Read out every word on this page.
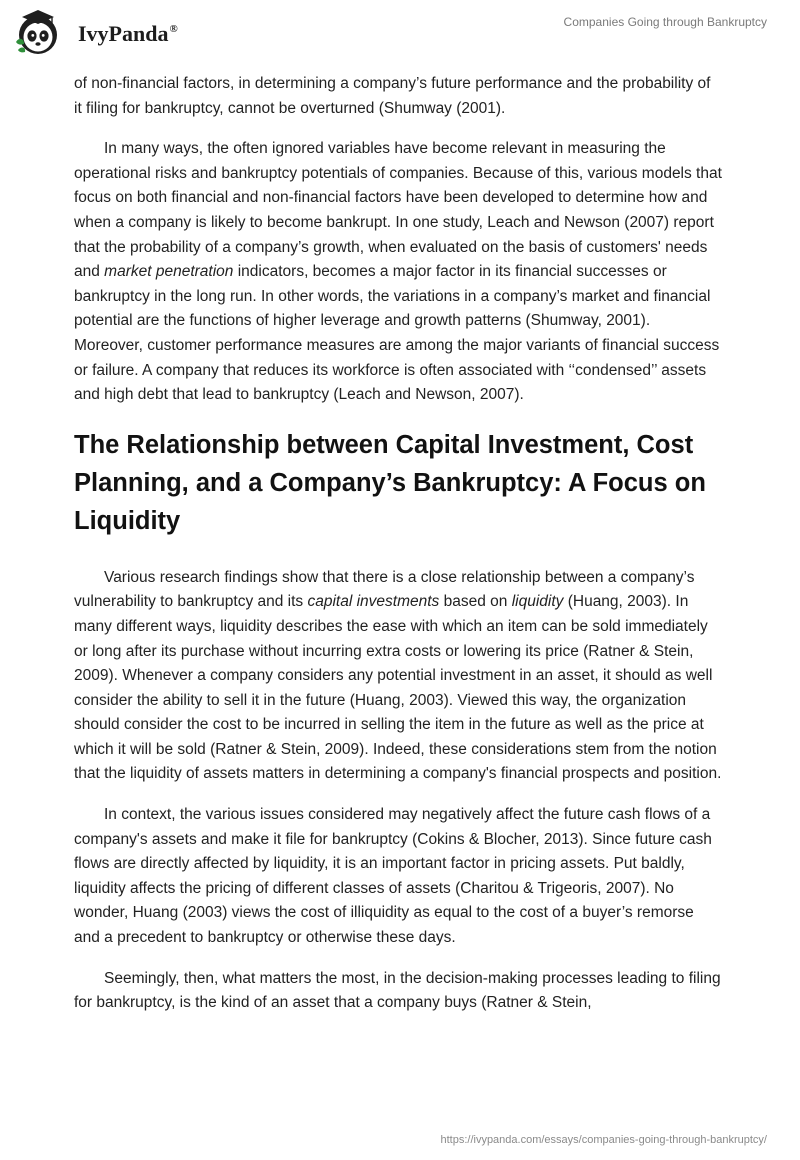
IvyPanda®	Companies Going through Bankruptcy

of non-financial factors, in determining a company’s future performance and the probability of it filing for bankruptcy, cannot be overturned (Shumway (2001).

In many ways, the often ignored variables have become relevant in measuring the operational risks and bankruptcy potentials of companies. Because of this, various models that focus on both financial and non-financial factors have been developed to determine how and when a company is likely to become bankrupt. In one study, Leach and Newson (2007) report that the probability of a company’s growth, when evaluated on the basis of customers' needs and market penetration indicators, becomes a major factor in its financial successes or bankruptcy in the long run. In other words, the variations in a company’s market and financial potential are the functions of higher leverage and growth patterns (Shumway, 2001). Moreover, customer performance measures are among the major variants of financial success or failure. A company that reduces its workforce is often associated with ‘‘condensed’’ assets and high debt that lead to bankruptcy (Leach and Newson, 2007).

The Relationship between Capital Investment, Cost Planning, and a Company’s Bankruptcy: A Focus on Liquidity

Various research findings show that there is a close relationship between a company’s vulnerability to bankruptcy and its capital investments based on liquidity (Huang, 2003). In many different ways, liquidity describes the ease with which an item can be sold immediately or long after its purchase without incurring extra costs or lowering its price (Ratner & Stein, 2009). Whenever a company considers any potential investment in an asset, it should as well consider the ability to sell it in the future (Huang, 2003). Viewed this way, the organization should consider the cost to be incurred in selling the item in the future as well as the price at which it will be sold (Ratner & Stein, 2009). Indeed, these considerations stem from the notion that the liquidity of assets matters in determining a company's financial prospects and position.

In context, the various issues considered may negatively affect the future cash flows of a company's assets and make it file for bankruptcy (Cokins & Blocher, 2013). Since future cash flows are directly affected by liquidity, it is an important factor in pricing assets. Put baldly, liquidity affects the pricing of different classes of assets (Charitou & Trigeoris, 2007). No wonder, Huang (2003) views the cost of illiquidity as equal to the cost of a buyer’s remorse and a precedent to bankruptcy or otherwise these days.

Seemingly, then, what matters the most, in the decision-making processes leading to filing for bankruptcy, is the kind of an asset that a company buys (Ratner & Stein,

https://ivypanda.com/essays/companies-going-through-bankruptcy/
